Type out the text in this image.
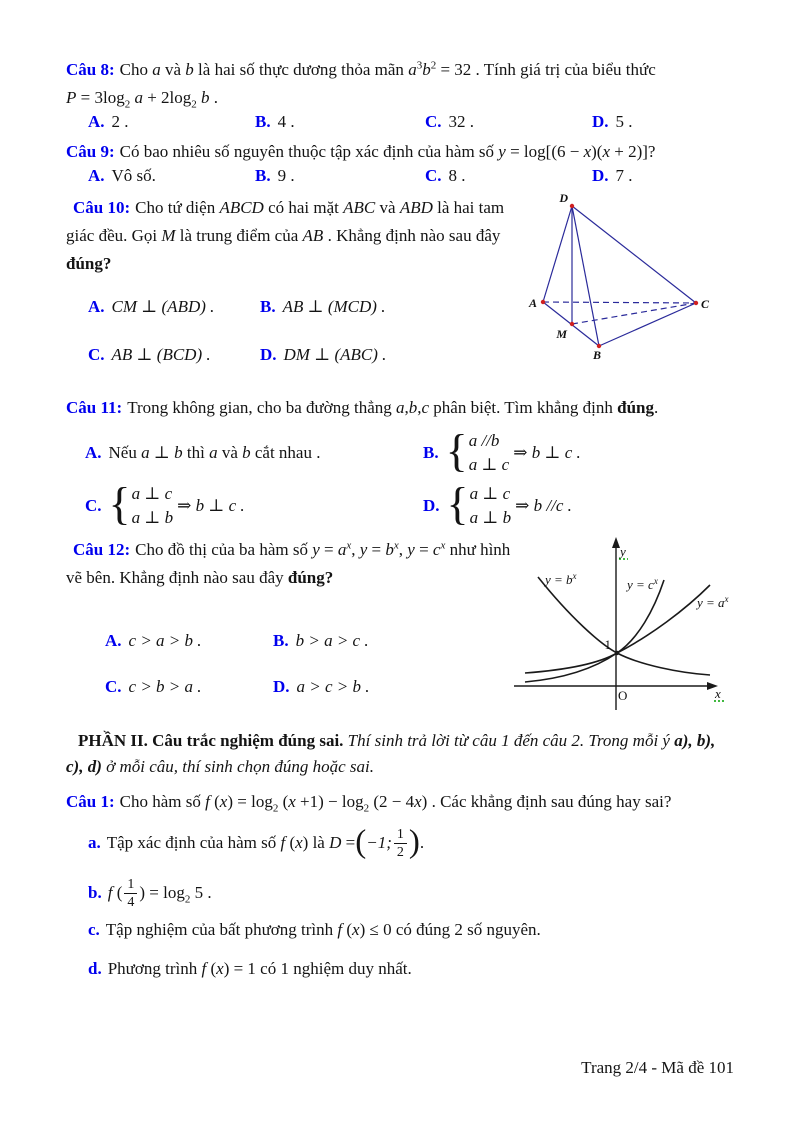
Câu 8: Cho a và b là hai số thực dương thỏa mãn $a^3b^2 = 32$ . Tính giá trị của biểu thức

$P = 3\log_2$ $a + 2\log_2$ b .

A. 2 .	B. 4 .	C. 32 .	D. 5 .

Câu 9: Có bao nhiêu số nguyên thuộc tập xác định của hàm số y = log[(6 − x)(x + 2)]?

A. Vô số.	B. 9 .	C. 8 .	D. 7 .

Câu 10: Cho tứ diện ABCD có hai mặt ABC và ABD là hai tam giác đều. Gọi M là trung điểm của AB . Khẳng định nào sau đây đúng?

A. CM ⊥ (ABD) .	B. AB ⊥ (MCD) .
C. AB ⊥ (BCD) .	D. DM ⊥ (ABC) .
D
A	C
M
B

Câu 11: Trong không gian, cho ba đường thẳng a,b,c phân biệt. Tìm khẳng định đúng.

A. Nếu a ⊥ b thì a và b cắt nhau .	B. { a //b
a ⊥ c
⇒ b ⊥ c .
C. { a ⊥ c
a ⊥ b
⇒ b ⊥ c .	D. { a ⊥ c
a ⊥ b
⇒ b //c .

Câu 12: Cho đồ thị của ba hàm số $y = a^x$, $y = b^x$, $y = c^x$ như hình vẽ bên. Khẳng định nào sau đây đúng?

A. c > a > b .	B. b > a > c .
C. c > b > a .	D. a > c > b .
$y = b^x$
$y = c^x$
$y = a^x$
y
x
O
1

PHẦN II. Câu trắc nghiệm đúng sai. Thí sinh trả lời từ câu 1 đến câu 2. Trong mỗi ý a), b), c), d) ở mỗi câu, thí sinh chọn đúng hoặc sai.

Câu 1: Cho hàm số f $(x) = \log_2 (x +1) - \log_2 (2 - 4x)$ . Các khẳng định sau đúng hay sai?

a. Tập xác định của hàm số f (x) là D = ( −1; $\frac{1}{2}$ ) .
b. f ( $\frac{1}{4}$ ) = $\log_2 5$ .

c. Tập nghiệm của bất phương trình f (x) ≤ 0 có đúng 2 số nguyên.

d. Phương trình f (x) = 1 có 1 nghiệm duy nhất.

Trang 2/4 - Mã đề 101
